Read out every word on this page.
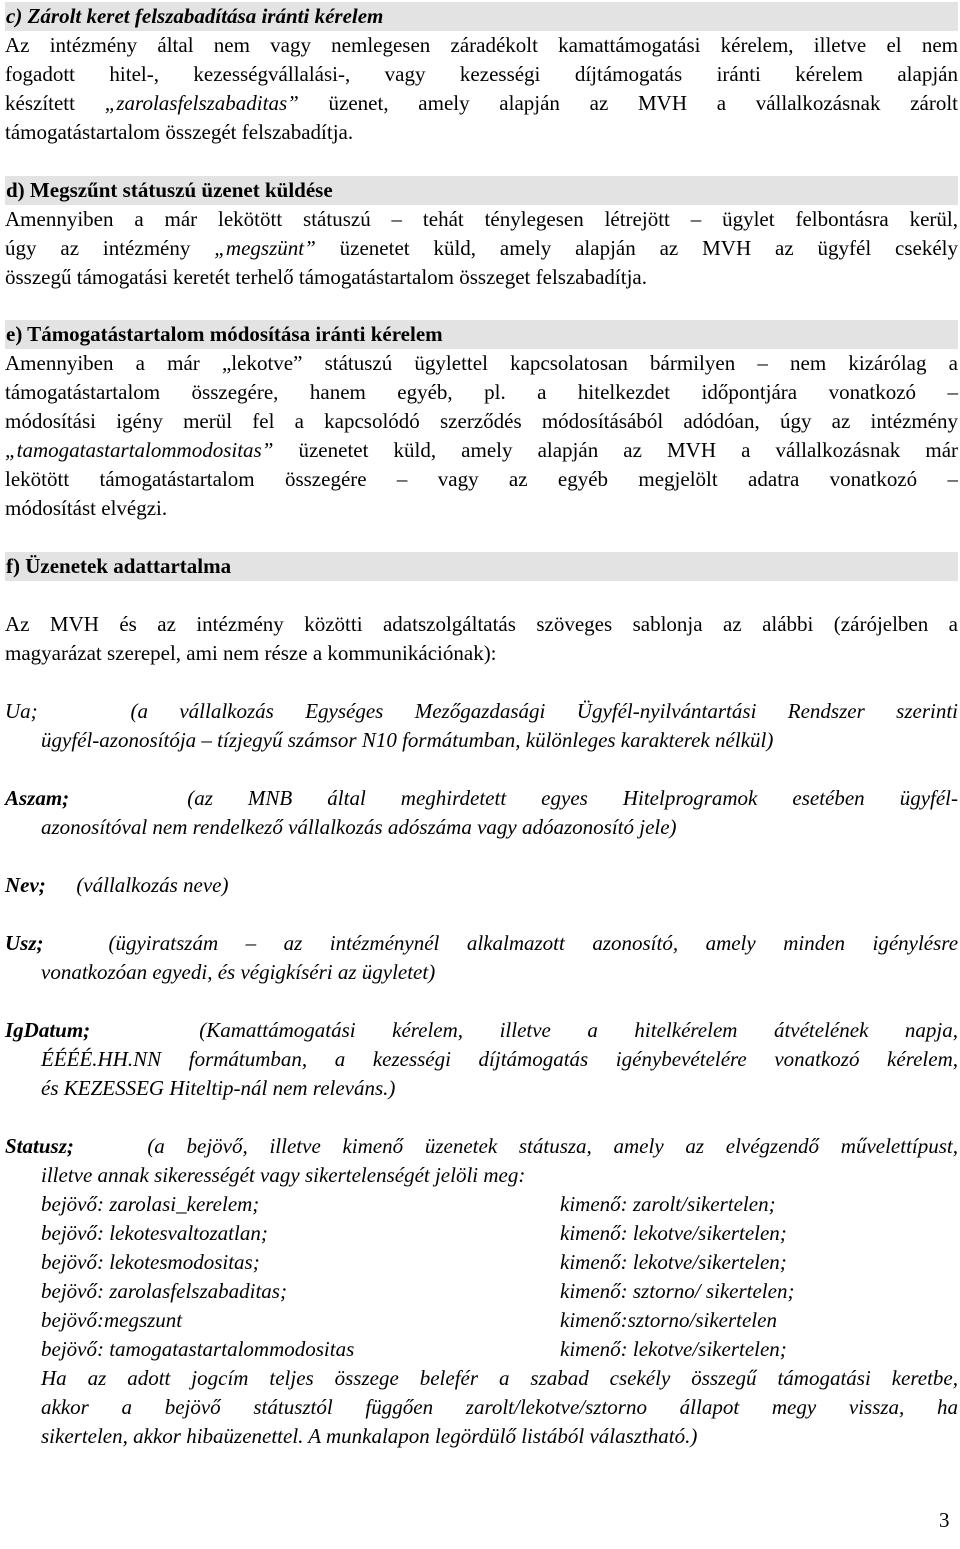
c) Zárolt keret felszabadítása iránti kérelem

Az intézmény által nem vagy nemlegesen záradékolt kamattámogatási kérelem, illetve el nem

fogadott hitel-, kezességvállalási-, vagy kezességi díjtámogatás iránti kérelem alapján

készített „zarolasfelszabaditas” üzenet, amely alapján az MVH a vállalkozásnak zárolt

támogatástartalom összegét felszabadítja.

d) Megszűnt státuszú üzenet küldése

Amennyiben a már lekötött státuszú – tehát ténylegesen létrejött – ügylet felbontásra kerül,

úgy az intézmény „megszünt” üzenetet küld, amely alapján az MVH az ügyfél csekély

összegű támogatási keretét terhelő támogatástartalom összeget felszabadítja.

e) Támogatástartalom módosítása iránti kérelem

Amennyiben a már „lekotve” státuszú ügylettel kapcsolatosan bármilyen – nem kizárólag a

támogatástartalom összegére, hanem egyéb, pl. a hitelkezdet időpontjára vonatkozó –

módosítási igény merül fel a kapcsolódó szerződés módosításából adódóan, úgy az intézmény

„tamogatastartalommodositas” üzenetet küld, amely alapján az MVH a vállalkozásnak már

lekötött támogatástartalom összegére – vagy az egyéb megjelölt adatra vonatkozó –

módosítást elvégzi.

f) Üzenetek adattartalma

Az MVH és az intézmény közötti adatszolgáltatás szöveges sablonja az alábbi (zárójelben a

magyarázat szerepel, ami nem része a kommunikációnak):

Ua;	(a vállalkozás Egységes Mezőgazdasági Ügyfél-nyilvántartási Rendszer szerinti

ügyfél-azonosítója – tízjegyű számsor N10 formátumban, különleges karakterek nélkül)

Aszam;	(az MNB által meghirdetett egyes Hitelprogramok esetében ügyfél-

azonosítóval nem rendelkező vállalkozás adószáma vagy adóazonosító jele)

Nev; (vállalkozás neve)

Usz;	(ügyiratszám – az intézménynél alkalmazott azonosító, amely minden igénylésre

vonatkozóan egyedi, és végigkíséri az ügyletet)

IgDatum;	(Kamattámogatási kérelem, illetve a hitelkérelem átvételének napja,

ÉÉÉÉ.HH.NN formátumban, a kezességi díjtámogatás igénybevételére vonatkozó kérelem,

és KEZESSEG Hiteltip-nál nem releváns.)

Statusz;	(a bejövő, illetve kimenő üzenetek státusza, amely az elvégzendő művelettípust,

illetve annak sikerességét vagy sikertelenségét jelöli meg:

bejövő: zarolasi_kerelem;	kimenő: zarolt/sikertelen;

bejövő: lekotesvaltozatlan;	kimenő: lekotve/sikertelen;

bejövő: lekotesmodositas;	kimenő: lekotve/sikertelen;

bejövő: zarolasfelszabaditas;	kimenő: sztorno/ sikertelen;

bejövő:megszunt	kimenő:sztorno/sikertelen

bejövő: tamogatastartalommodositas	kimenő: lekotve/sikertelen;

Ha az adott jogcím teljes összege belefér a szabad csekély összegű támogatási keretbe,

akkor a bejövő státusztól függően zarolt/lekotve/sztorno állapot megy vissza, ha

sikertelen, akkor hibaüzenettel. A munkalapon legördülő listából választható.)

3
